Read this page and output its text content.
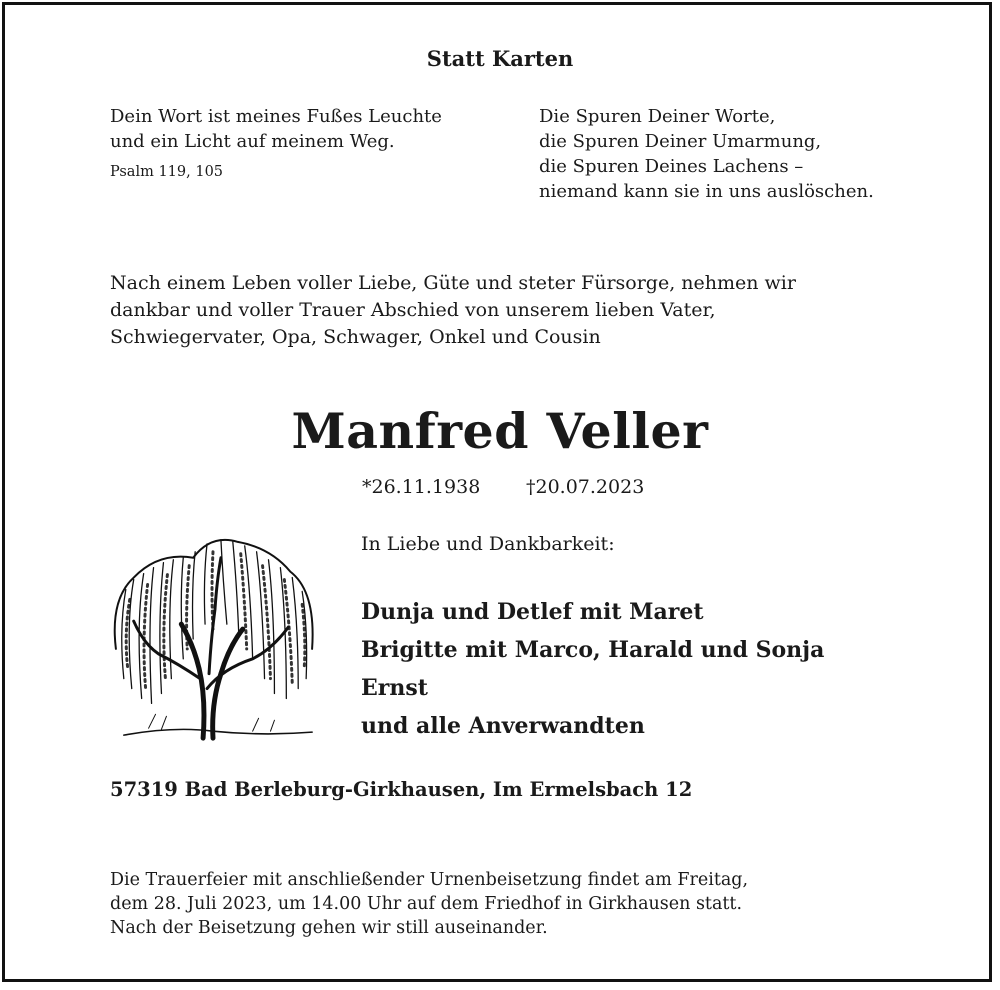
Statt Karten
Dein Wort ist meines Fußes Leuchte
und ein Licht auf meinem Weg.
Psalm 119, 105
Die Spuren Deiner Worte,
die Spuren Deiner Umarmung,
die Spuren Deines Lachens –
niemand kann sie in uns auslöschen.
Nach einem Leben voller Liebe, Güte und steter Fürsorge, nehmen wir
dankbar und voller Trauer Abschied von unserem lieben Vater,
Schwiegervater, Opa, Schwager, Onkel und Cousin
Manfred Veller
*26.11.1938 †20.07.2023
In Liebe und Dankbarkeit:
Dunja und Detlef mit Maret
Brigitte mit Marco, Harald und Sonja
Ernst
und alle Anverwandten
57319 Bad Berleburg-Girkhausen, Im Ermelsbach 12
Die Trauerfeier mit anschließender Urnenbeisetzung findet am Freitag,
dem 28. Juli 2023, um 14.00 Uhr auf dem Friedhof in Girkhausen statt.
Nach der Beisetzung gehen wir still auseinander.
